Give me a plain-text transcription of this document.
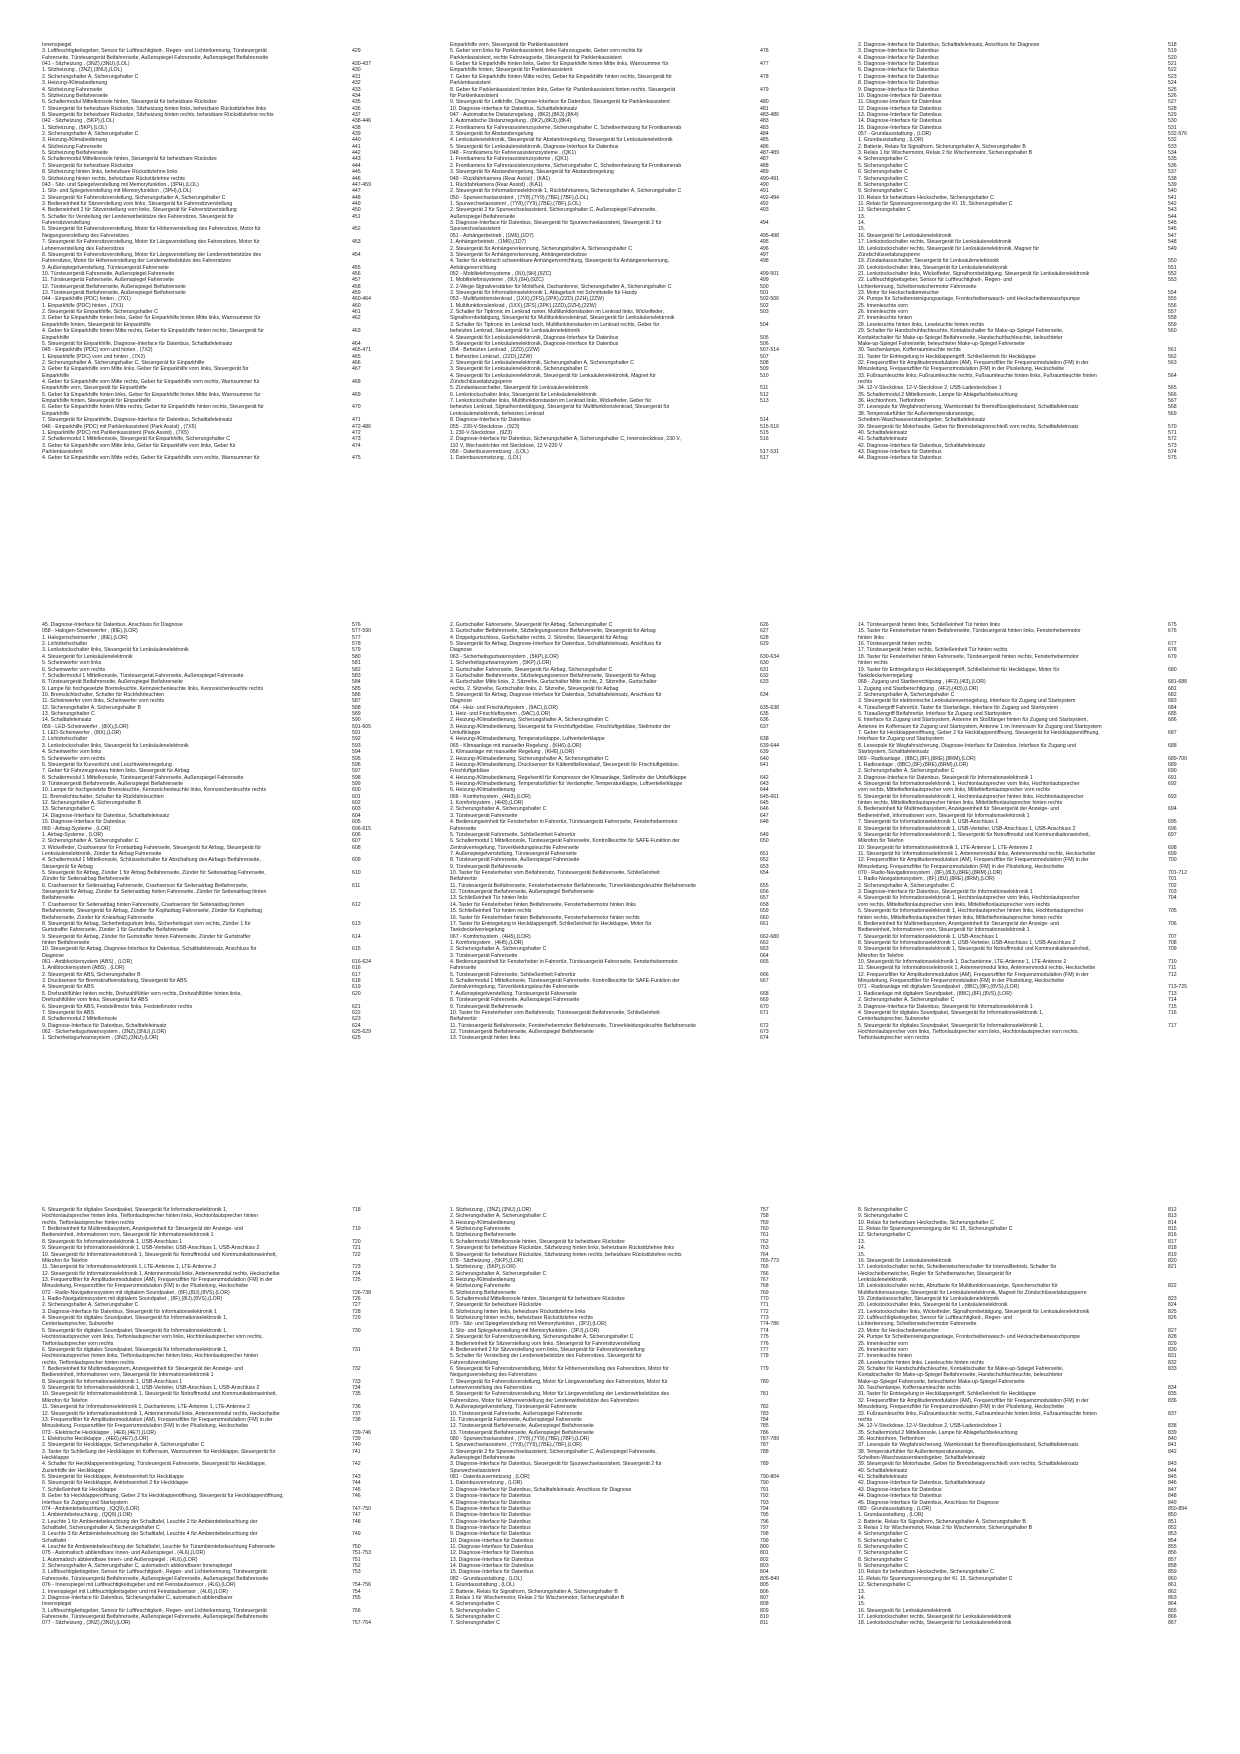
Innenspiegel
3. Luftfeuchtigkeitsgeber, Sensor für Luftfeuchtigkeit-, Regen- und Lichterkennung, Türsteuergerät
Fahrerseite, Türsteuergerät Beifahrerseite, Außenspiegel Fahrerseite, Außenspiegel Beifahrerseite
041 - Sitzheizung , (3NZ),(3NU),(LOL)
1. Sitzheizung , (3NZ),(3NU),(LOL)
2. Sicherungshalter A, Sicherungshalter C
3. Heizung-/Klimabedienung
4. Sitzheizung Fahrerseite
5. Sitzheizung Beifahrerseite
6. Schaltermodul Mittelkonsole hinten, Steuergerät für beheizbare Rücksitze
7. Steuergerät für beheizbare Rücksitze, Sitzheizung hinten links, beheizbare Rückstitzlehne links
8. Steuergerät für beheizbare Rücksitze, Sitzheizung hinten rechts, beheizbare Rückstitzlehne rechts
042 - Sitzheizung , (5KP),(LOL)
1. Sitzheizung , (5KP),(LOL)
2. Sicherungshalter A, Sicherungshalter C
3. Heizung-/Klimabedienung
4. Sitzheizung Fahrerseite
5. Sitzheizung Beifahrerseite
6. Schaltermodul Mittelkonsole hinten, Steuergerät für beheizbare Rücksitze
7. Steuergerät für beheizbare Rücksitze
8. Sitzheizung hinten links, beheizbare Rückstitzlehne links
9. Sitzheizung hinten rechts, beheizbare Rückstitzlehne rechts
043 - Sitz- und Spiegelverstellung mit Memoryfunktion , (3PH),(LOL)
1. Sitz- und Spiegelverstellung mit Memoryfunktion , (3PH),(LOL)
2. Steuergerät für Fahrersitzverstellung, Sicherungshalter A, Sicherungshalter C
3. Bedieneinheit für Sitzverstellung vorn links, Steuergerät für Fahrersitzverstellung
4. Bedieneinheit 2 für Sitzverstellung vorn links, Steuergerät für Fahrersitzverstellung
5. Schalter für Verstellung der Lendenwirbelstütze des Fahrersitzes, Steuergerät für
Fahrersitzverstellung
6. Steuergerät für Fahrersitzverstellung, Motor für Höhenverstellung des Fahrersitzes, Motor für
Neigungsverstellung des Fahrersitzes
7. Steuergerät für Fahrersitzverstellung, Motor für Längsverstellung des Fahrersitzes, Motor für
Lehnenverstellung des Fahrersitzes
8. Steuergerät für Fahrersitzverstellung, Motor für Längsverstellung der Lendenwirbelstütze des
Fahrersitzes, Motor für Höhenverstellung der Lendenwirbelstütze des Fahrersitzes
9. Außenspiegelverstellung, Türsteuergerät Fahrerseite
10. Türsteuergerät Fahrerseite, Außenspiegel Fahrerseite
11. Türsteuergerät Fahrerseite, Außenspiegel Fahrerseite
12. Türsteuergerät Beifahrerseite, Außenspiegel Beifahrerseite
13. Türsteuergerät Beifahrerseite, Außenspiegel Beifahrerseite
044 - Einparkhilfe (PDC) hinten , (7X1)
1. Einparkhilfe (PDC) hinten , (7X1)
2. Steuergerät für Einparkhilfe, Sicherungshalter C
3. Geber für Einparkhilfe hinten links, Geber für Einparkhilfe hinten Mitte links, Warnsummer für
Einparkhilfe hinten, Steuergerät für Einparkhilfe
4. Geber für Einparkhilfe hinten Mitte rechts, Geber für Einparkhilfe hinten rechts, Steuergerät für
Einparkhilfe
5. Steuergerät für Einparkhilfe, Diagnose-Interface für Datenbus, Schalttafeleinsatz
045 - Einparkhilfe (PDC) vorn und hinten , (7X2)
1. Einparkhilfe (PDC) vorn und hinten , (7X2)
2. Sicherungshalter A, Sicherungshalter C, Steuergerät für Einparkhilfe
3. Geber für Einparkhilfe vorn Mitte links, Geber für Einparkhilfe vorn links, Steuergerät für
Einparkhilfe
4. Geber für Einparkhilfe vorn Mitte rechts, Geber für Einparkhilfe vorn rechts, Warnsummer für
Einparkhilfe vorn, Steuergerät für Einparkhilfe
5. Geber für Einparkhilfe hinten links, Geber für Einparkhilfe hinten Mitte links, Warnsummer für
Einparkhilfe hinten, Steuergerät für Einparkhilfe
6. Geber für Einparkhilfe hinten Mitte rechts, Geber für Einparkhilfe hinten rechts, Steuergerät für
Einparkhilfe
7. Steuergerät für Einparkhilfe, Diagnose-Interface für Datenbus, Schalttafeleinsatz
046 - Einparkhilfe (PDC) mit Parklenkassistent (Park Assist) , (7X5)
1. Einparkhilfe (PDC) mit Parklenkassistent (Park Assist) , (7X5)
2. Schaltermodul 1 Mittelkonsole, Steuergerät für Einparkhilfe, Sicherungshalter C
3. Geber für Einparkhilfe vorn Mitte links, Geber für Einparkhilfe vorn links, Geber für
Parklenkassistent
4. Geber für Einparkhilfe vorn Mitte rechts, Geber für Einparkhilfe vorn rechts, Warnsummer für
429
430-437
430
431
432
433
434
435
436
437
438-446
438
439
440
441
442
443
444
445
446
447-459
447
448
449
450
451
452
453
454
455
456
457
458
459
460-464
460
461
462
463
464
465-471
465
466
467
468
469
470
471
472-486
472
473
474
475
Einparkhilfe vorn, Steuergerät für Parklenkassistent
5. Geber vorn links für Parklenkassistent, linke Fahrzeugseite, Geber vorn rechts für
Parklenkassistent, rechte Fahrzeugseite, Steuergerät für Parklenkassistent
6. Geber für Einparkhilfe hinten links, Geber für Einparkhilfe hinten Mitte links, Warnsummer für
Einparkhilfe hinten, Steuergerät für Parklenkassistent
7. Geber für Einparkhilfe hinten Mitte rechts, Geber für Einparkhilfe hinten rechts, Steuergerät für
Parklenkassistent
8. Geber für Parklenkassistent hinten links, Geber für Parklenkassistent hinten rechts, Steuergerät
für Parklenkassistent
9. Steuergerät für Leitkhilfe, Diagnose-Interface für Datenbus, Steuergerät für Parklenkassistent
10. Diagnose-Interface für Datenbus, Schalttafeleinsatz
047 - Automatische Distanzregelung , (8K2),(8K3),(8K4)
1. Automatische Distanzregelung , (8K2),(8K3),(8K4)
2. Frontkamera für Fahrerassistenzsysteme, Sicherungshalter C, Scheibenheizung für Frontkamerab
3. Steuergerät für Abstandsregelung
4. Lenksäulenelektronik, Steuergerät für Abstandsregelung, Steuergerät für Lenksäulenelektronik
5. Steuergerät für Lenksäulenelektronik, Diagnose-Interface für Datenbus
048 - Frontkamera für Fahrerassistenzsysteme , (QK1)
1. Frontkamera für Fahrerassistenzsysteme , (QK1)
2. Frontkamera für Fahrerassistenzsysteme, Sicherungshalter C, Scheibenheizung für Frontkamerab
3. Steuergerät für Abstandsregelung, Steuergerät für Abstandsregelung
049 - Rückfahrkamera (Rear Assist) , (KA1)
1. Rückfahrkamera (Rear Assist) , (KA1)
2. Steuergerät für Informationselektronik 1, Rückfahrkamera, Sicherungshalter A, Sicherungshalter C
050 - Spurwechselassistent , (7Y8),(7Y9),(7BE),(7BF),(LOL)
1. Spurwechselassistent , (7Y8),(7Y9),(7BE),(7BF),(LOL)
2. Steuergerät 2 für Spurwechselassistent, Sicherungshalter C, Außenspiegel Fahrerseite,
Außenspiegel Beifahrerseite
3. Diagnose-Interface für Datenbus, Steuergerät für Spurwechselassistent, Steuergerät 2 für
Spurwechselassistent
051 - Anhängerbetrieb , (1M6),(1D7)
1. Anhängerbetrieb , (1M6),(1D7)
2. Steuergerät für Anhängererkennung, Sicherungshalter A, Sicherungshalter C
3. Steuergerät für Anhängererkennung, Anhängersteckdose
4. Taster für elektrisch schwenkbare Anhängervorrichtung, Steuergerät für Anhängererkennung,
Anhängevorrichtung
052 - Mobiltelefonsysteme , (9U),(9H),(9ZC)
1. Mobiltelefonsysteme , (9U),(9H),(9ZC)
2. 2-Wege-Signalverstärker für Mobilfunk, Dachantenne, Sicherungshalter A, Sicherungshalter C
3. Steuergerät für Informationselektronik 1, Ablagefach mit Schnittstelle für Handy
053 - Multifunktionslenkrad , (1XX),(2FS),(2PK),(2ZD),(2ZH),(2ZW)
1. Multifunktionslenkrad , (1XX),(2FS),(2PK),(2ZD),(2ZH),(2ZW)
2. Schalter für Tiptronic im Lenkrad runter, Multifunktionstasten im Lenkrad links, Wickelfeder,
Signalhornbetätigung, Steuergerät für Multifunktionslenkrad, Steuergerät für Lenksäulenelektronik
3. Schalter für Tiptronic im Lenkrad hoch, Multifunktionstasten im Lenkrad rechts, Geber für
beheiztes Lenkrad, Steuergerät für Lenksäulenelektronik
4. Steuergerät für Lenksäulenelektronik, Diagnose-Interface für Datenbus
5. Steuergerät für Lenksäulenelektronik, Diagnose-Interface für Datenbus
054 - Beheiztes Lenkrad , (2ZD),(2ZW)
1. Beheiztes Lenkrad , (2ZD),(2ZW)
2. Steuergerät für Lenksäulenelektronik, Sicherungshalter A, Sicherungshalter C
3. Steuergerät für Lenksäulenelektronik, Sicherungshalter C
4. Steuergerät für Lenksäulenelektronik, Steuergerät für Lenksäulenelektronik, Magnet für
Zündschlüsselabzugsperre
5. Zündanlassschalter, Steuergerät für Lenksäulenelektronik
6. Lenkstockschalter links, Steuergerät für Lenksäulenelektronik
7. Lenkstockschalter links, Multifunktionstasten im Lenkrad links, Wickelfeder, Geber für
beheiztes Lenkrad, Signalhornbetätigung, Steuergerät für Multifunktionslenkrad, Steuergerät für
Lenksäulenelektronik, beheiztes Lenkrad
8. Diagnose-Interface für Datenbus
055 - 230-V-Steckdose , (9Z3)
1. 230-V-Steckdose , (9Z3)
2. Diagnose-Interface für Datenbus, Sicherungshalter A, Sicherungshalter C, Innensteckdose, 230 V,
110 V, Wechselrichter mit Steckdose, 12 V-230 V
056 - Datenbusvernetzung , (LOL)
1. Datenbusvernetzung , (LOL)
476
477
478
479
480
481
483-486
483
483
484
485
486
487-489
487
488
489
490-491
490
491
492-494
492
493
494
495-498
495
496
497
498
499-501
499
500
501
502-506
502
503
504
505
506
507-514
507
508
509
510
511
512
513
514
515-516
515
516
517-531
517
2. Diagnose-Interface für Datenbus, Schalttafeleinsatz, Anschluss für Diagnose
3. Diagnose-Interface für Datenbus
4. Diagnose-Interface für Datenbus
5. Diagnose-Interface für Datenbus
6. Diagnose-Interface für Datenbus
7. Diagnose-Interface für Datenbus
8. Diagnose-Interface für Datenbus
9. Diagnose-Interface für Datenbus
10. Diagnose-Interface für Datenbus
11. Diagnose-Interface für Datenbus
12. Diagnose-Interface für Datenbus
13. Diagnose-Interface für Datenbus
14. Diagnose-Interface für Datenbus
15. Diagnose-Interface für Datenbus
057 - Grundausstattung , (LOR)
1. Grundausstattung , (LOR)
2. Batterie, Relais für Signalhorn, Sicherungshalter A, Sicherungshalter B
3. Relais 1 für Wischermotor, Relais 2 für Wischermotor, Sicherungshalter B
4. Sicherungshalter C
5. Sicherungshalter C
6. Sicherungshalter C
7. Sicherungshalter C
8. Sicherungshalter C
9. Sicherungshalter C
10. Relais für beheizbare Heckscheibe, Sicherungshalter C
11. Relais für Spannungsversorgung der Kl. 15, Sicherungshalter C
12. Sicherungshalter C
13.
14.
15.
16. Steuergerät für Lenksäulenelektronik
17. Lenkstockschalter rechts, Steuergerät für Lenksäulenelektronik
18. Lenkstockschalter rechts, Steuergerät für Lenksäulenelektronik, Magnet für
Zündschlüsselabzugsperre
19. Zündanlassschalter, Steuergerät für Lenksäulenelektronik
20. Lenkstockschalter links, Steuergerät für Lenksäulenelektronik
21. Lenkstockschalter links, Wickelfeder, Signalhornbetätigung, Steuergerät für Lenksäulenelektronik
22. Luftfeuchtigkeitsgeber, Sensor für Luftfeuchtigkeit-, Regen- und
Lichterkennung, Scheibenwischermotor Fahrerseite
23. Motor für Heckscheibenwischer
24. Pumpe für Scheibenreinigungsanlage, Frontscheibenwasch- und Heckscheibenwaschpumpe
25. Innenleuchte vorn
26. Innenleuchte vorn
27. Innenleuchte hinten
28. Leseleuchte hinten links, Leseleuchte hinten rechts
29. Schalter für Handschuhfachleuchte, Kontaktschalter für Make-up-Spiegel Fahrerseite,
Kontaktschalter für Make-up-Spiegel Beifahrerseite, Handschuhfachleuchte, beleuchteter
Make-up-Spiegel Fahrerseite, beleuchteter Make-up-Spiegel Fahrerseite
30. Taschenlampe, Kofferraumleuchte rechts
31. Taster für Entriegelung in Heckklappengriff, Schließeinheit für Heckklappe
32. Frequenzfilter für Amplitudenmodulation (AM), Frequenzfilter für Frequenzmodulation (FM) in der
Minusleitung, Frequenzfilter für Frequenzmodulation (FM) in der Plusleitung, Heckscheibe
33. Fußraumleuchte links, Fußraumleuchte rechts, Fußraumleuchte hinten links, Fußraumleuchte hinten
rechts
34. 12-V-Steckdose, 12-V-Steckdose 2, USB-Ladesteckdose 1
35. Schaltermodul 2 Mittelkonsole, Lampe für Ablagefachbeleuchtung
36. Hochtonhorn, Tieftonhorn
37. Lesespule für Wegfahrsicherung, Warnkontakt für Bremsflüssigkeitsstand, Schalttafeleinsatz
38. Temperaturfühler für Außentemperaturanzeige,
Scheiben-Waschwasserstandsgeber, Schalttafeleinsatz
39. Steuergerät für Motorhaube, Geber für Bremsbelagverschleiß vorn rechts, Schalttafeleinsatz
40. Schalttafeleinsatz
41. Schalttafeleinsatz
42. Diagnose-Interface für Datenbus, Schalttafeleinsatz
43. Diagnose-Interface für Datenbus
44. Diagnose-Interface für Datenbus
518
519
520
521
522
523
524
525
526
527
528
529
530
531
532-576
532
533
534
535
536
537
538
539
540
541
542
543
544
545
546
547
548
549
550
551
552
553
554
555
556
557
558
559
560
561
562
563
564
565
566
567
568
569
570
571
572
573
574
575
45. Diagnose-Interface für Datenbus, Anschluss für Diagnose
058 - Halogen-Scheinwerfer , (8IE),(LOR)
1. Halogenscheinwerfer , (8IE),(LOR)
2. Lichtdrehschalter
3. Lenkstockschalter links, Steuergerät für Lenksäulenelektronik
4. Steuergerät für Lenksäulenelektronik
5. Scheinwerfer vorn links
6. Scheinwerfer vorn rechts
7. Schaltermodul 1 Mittelkonsole, Türsteuergerät Fahrerseite, Außenspiegel Fahrerseite
8. Türsteuergerät Beifahrerseite, Außenspiegel Beifahrerseite
9. Lampe für hochgesetzte Bremsleuchte, Kennzeichenleuchte links, Kennzeichenleuchte rechts
10. Bremslichtschalter, Schalter für Rückfahrleuchten
11. Scheinwerfer vorn links, Scheinwerfer vorn rechts
12. Sicherungshalter A, Sicherungshalter B
13. Sicherungshalter C
14. Schalttafeleinsatz
059 - LED-Scheinwerfer , (8IX),(LOR)
1. LED-Scheinwerfer , (8IX),(LOR)
2. Lichtdrehschalter
3. Lenkstockschalter links, Steuergerät für Lenksäulenelektronik
4. Scheinwerfer vorn links
5. Scheinwerfer vorn rechts
6. Steuergerät für Kurvenlicht und Leuchtweitenregelung
7. Geber für Fahrzeugniveau hinten links, Steuergerät für Airbag
8. Schaltermodul 1 Mittelkonsole, Türsteuergerät Fahrerseite, Außenspiegel Fahrerseite
9. Türsteuergerät Beifahrerseite, Außenspiegel Beifahrerseite
10. Lampe für hochgesetzte Bremsleuchte, Kennzeichenleuchte links, Kennzeichenleuchte rechts
11. Bremslichtschalter, Schalter für Rückfahrleuchten
12. Sicherungshalter A, Sicherungshalter B
13. Sicherungshalter C
14. Diagnose-Interface für Datenbus, Schalttafeleinsatz
15. Diagnose-Interface für Datenbus
060 - Airbag-Systeme , (LOR)
1. Airbag-Systeme , (LOR)
2. Sicherungshalter A, Sicherungshalter C
3. Wickelfeder, Crashsensor für Frontairbag Fahrerseite, Steuergerät für Airbag, Steuergerät für
Lenksäulenelektronik, Zünder für Airbag Fahrerseite
4. Schaltermodul 1 Mittelkonsole, Schlüsselschalter für Abschaltung des Airbags Beifahrerseite,
Steuergerät für Airbag
5. Steuergerät für Airbag, Zünder 1 für Airbag Beifahrerseite, Zünder für Seitenairbag Fahrerseite,
Zünder für Seitenairbag Beifahrerseite
6. Crashsensor für Seitenairbag Fahrerseite, Crashsensor für Seitenairbag Beifahrerseite,
Steuergerät für Airbag, Zünder für Seitenairbag hinten Fahrerseite, Zünder für Seitenairbag hinten
Beifahrerseite
7. Crashsensor für Seitenairbag hinten Fahrerseite, Crashsensor für Seitenairbag hinten
Beifahrerseite, Steuergerät für Airbag, Zünder für Kopfairbag Fahrerseite, Zünder für Kopfairbag
Beifahrerseite, Zünder für Kniearbag Fahrerseite
8. Steuergerät für Airbag, Sicherheitsgurtum links, Sicherheitsgurt vorn rechts, Zünder 1 für
Gurtstraffer Fahrerseite, Zünder 1 für Gurtstraffer Beifahrerseite
9. Steuergerät für Airbag, Zünder für Gurtstraffer hinten Fahrerseite, Zünder für Gurtstraffer
hinten Beifahrerseite
10. Steuergerät für Airbag, Diagnose-Interface für Datenbus, Schalttafeleinsatz, Anschluss für
Diagnose
061 - Antiblockiersystem (ABS) , (LOR)
1. Antiblockiersystem (ABS) , (LOR)
2. Steuergerät für ABS, Sicherungshalter B
3. Drucksensor für Bremskraftverstärkung, Steuergerät für ABS
4. Steuergerät für ABS
5. Drehzahlfühler hinten rechts, Drehzahlfühler vorn rechts, Drehzahlfühler hinten links,
Drehzahlfühler vorn links, Steuergerät für ABS
6. Steuergerät für ABS, Feststellmotor links, Feststellmotor rechts
7. Steuergerät für ABS
8. Schaltermodul 2 Mittelkonsole
9. Diagnose-Interface für Datenbus, Schalttafeleinsatz
062 - Sicherheitsgurtwarnsystem , (3NZ),(3NU),(LOR)
1. Sicherheitsgurtwarnsystem , (3NZ),(3NU),(LOR)
576
577-590
577
578
579
580
581
582
583
584
585
586
587
588
589
590
591-605
591
592
593
594
595
596
597
598
599
600
601
602
603
604
605
606-615
606
607
608
609
610
611
612
613
614
615
616-624
616
617
618
619
620
621
622
623
624
625-629
625
2. Gurtschalter Fahrerseite, Steuergerät für Airbag, Sicherungshalter C
3. Gurtschalter Beifahrerseite, Sitzbelegungssensor Beifahrerseite, Steuergerät für Airbag
4. Doppelgurtschloss, Gurtschalter rechts, 2. Sitzreihe, Steuergerät für Airbag
5. Steuergerät für Airbag, Diagnose-Interface für Datenbus, Schalttafeleinsatz, Anschluss für
Diagnose
063 - Sicherheitsgurtwarnsystem , (5KP),(LOR)
1. Sicherheitsgurtwarnsystem , (5KP),(LOR)
2. Gurtschalter Fahrerseite, Steuergerät für Airbag, Sicherungshalter C
3. Gurtschalter Beifahrerseite, Sitzbelegungssensor Beifahrerseite, Steuergerät für Airbag
4. Gurtschalter Mitte links, 2. Sitzreihe, Gurtschalter Mitte rechts, 2. Sitzreihe, Gurtschalter
rechts, 2. Sitzreihe, Gurtschalter links, 2. Sitzreihe, Steuergerät für Airbag
5. Steuergerät für Airbag, Diagnose-Interface für Datenbus, Schalttafeleinsatz, Anschluss für
Diagnose
064 - Heiz- und Frischluftsystem , (9AC),(LOR)
1. Heiz- und Frischluftsystem , (9AC),(LOR)
2. Heizung-/Klimabedienung, Sicherungshalter A, Sicherungshalter C
3. Heizung-/Klimabedienung, Steuergerät für Frischluftgebläse, Frischluftgebläse, Stellmotor der
Umluftklappe
4. Heizung-/Klimabedienung, Temperaturklappe, Luftverteilerklappe
065 - Klimaanlage mit manueller Regelung , (KH6),(LOR)
1. Klimaanlage mit manueller Regelung , (KH6),(LOR)
2. Heizung-/Klimabedienung, Sicherungshalter A, Sicherungshalter C
3. Heizung-/Klimabedienung, Drucksensor für Kältemittelkreislauf, Steuergerät für Frischluftgebläse,
Frischluftgebläse
4. Heizung-/Klimabedienung, Regelventil für Kompressor der Klimaanlage, Stellmotor der Umluftklappe
5. Heizung-/Klimabedienung, Temperaturfühler für Verdampfer, Temperaturklappe, Luftverteilerklappe
6. Heizung-/Klimabedienung
066 - Komfortsystem , (4H3),(LOR)
1. Komfortsystem , (4H3),(LOR)
2. Sicherungshalter A, Sicherungshalter C
3. Türsteuergerät Fahrerseite
4. Bedienungseinheit für Fensterheber in Fahrertür, Türsteuergerät Fahrerseite, Fensterhebermotor
Fahrerseite
5. Türsteuergerät Fahrerseite, Schließeinheit Fahrertür
6. Schaltermodul 1 Mittelkonsole, Türsteuergerät Fahrerseite, Kontrollleuchte für SAFE-Funktion der
Zentralverriegelung, Türverkleidungsleuchte Fahrerseite
7. Außenspiegelverstellung, Türsteuergerät Fahrerseite
8. Türsteuergerät Fahrerseite, Außenspiegel Fahrerseite
9. Türsteuergerät Beifahrerseite
10. Taster für Fensterheber vom Beifahrersitz, Türsteuergerät Beifahrerseite, Schließeinheit
Beifahrertür
11. Türsteuergerät Beifahrerseite, Fensterhebermotor Beifahrerseite, Türverkleidungsleuchte Beifahrerseite
12. Türsteuergerät Beifahrerseite, Außenspiegel Beifahrerseite
13. Schließeinheit Tür hinten links
14. Taster für Fensterheber hinten Beifahrerseite, Fensterhebermotor hinten links
15. Schließeinheit Tür hinten rechts
16. Taster für Fensterheber hinten Beifahrerseite, Fensterhebermotor hinten rechts
17. Taster für Entriegelung in Heckklappengriff, Schließeinheit für Heckklappe, Motor für
Tankdeckelverriegelung
067 - Komfortsystem , (4H5),(LOR)
1. Komfortsystem , (4H5),(LOR)
2. Sicherungshalter A, Sicherungshalter C
3. Türsteuergerät Fahrerseite
4. Bedienungseinheit für Fensterheber in Fahrertür, Türsteuergerät Fahrerseite, Fensterhebermotor
Fahrerseite
5. Türsteuergerät Fahrerseite, Schließeinheit Fahrertür
6. Schaltermodul 1 Mittelkonsole, Türsteuergerät Fahrerseite, Kontrollleuchte für SAFE-Funktion der
Zentralverriegelung, Türverkleidungsleuchte Fahrerseite
7. Außenspiegelverstellung, Türsteuergerät Fahrerseite
8. Türsteuergerät Fahrerseite, Außenspiegel Fahrerseite
9. Türsteuergerät Beifahrerseite
10. Taster für Fensterheber vom Beifahrersitz, Türsteuergerät Beifahrerseite, Schließeinheit
Beifahrertür
11. Türsteuergerät Beifahrerseite, Fensterhebermotor Beifahrerseite, Türverkleidungsleuchte Beifahrerseite
12. Türsteuergerät Beifahrerseite, Außenspiegel Beifahrerseite
13. Türsteuergerät hinten links
626
627
628
629
630-634
630
631
632
633
634
635-638
635
636
637
638
639-644
639
640
641
642
643
644
645-661
645
646
647
648
649
650
651
652
653
654
655
656
657
658
659
660
661
662-680
662
663
664
665
666
667
668
669
670
671
672
673
674
14. Türsteuergerät hinten links, Schließeinheit Tür hinten links
15. Taster für Fensterheber hinten Beifahrerseite, Türsteuergerät hinten links, Fensterhebermotor
hinten links
16. Türsteuergerät hinten rechts
17. Türsteuergerät hinten rechts, Schließeinheit Tür hinten rechts
18. Taster für Fensterheber hinten Fahrerseite, Türsteuergerät hinten rechts, Fensterhebermotor
hinten rechts
19. Taster für Entriegelung in Heckklappengriff, Schließeinheit für Heckklappe, Motor für
Tankdeckelverriegelung
068 - Zugang und Startberechtigung , (4F2),(4I3),(LOR)
1. Zugang und Startberechtigung , (4F2),(4I3),(LOR)
2. Sicherungshalter A, Sicherungshalter C
3. Steuergerät für elektronische Lenksäulenverriegelung, Interface für Zugang und Startsystem
4. Türaußengriff Fahrertür, Taster für Startanlage, Interface für Zugang und Startsystem
5. Türaußengriff Beifahrertür, Interface für Zugang und Startsystem
6. Interface für Zugang und Startsystem, Antenne im Stoßfänger hinten für Zugang und Startsystem,
Antenne im Kofferraum für Zugang und Startsystem, Antenne 1 im Innenraum für Zugang und Startsystem
7. Geber für Heckklappenöffnung, Geber 2 für Heckklappenöffnung, Steuergerät für Heckklappenöffnung,
Interface für Zugang und Startsystem
8. Lesespule für Wegfahrsicherung, Diagnose-Interface für Datenbus, Interface für Zugang und
Startsystem, Schalttafeleinsatz
069 - Radioanlage , (8BC),(8F),(8RE),(8RM),(LOR)
1. Radioanlage , (8BC),(8F),(8RE),(8RM),(LOR)
2. Sicherungshalter A, Sicherungshalter C
3. Diagnose-Interface für Datenbus, Steuergerät für Informationselektronik 1
4. Steuergerät für Informationselektronik 1, Hochtonlautsprecher vorn links, Hochtonlautsprecher
vorn rechts, Mitteltieftonlautsprecher vorn links, Mitteltieftonlautsprecher vorn rechts
5. Steuergerät für Informationselektronik 1, Hochtonlautsprecher hinten links, Hochtonlautsprecher
hinten rechts, Mitteltieftonlautsprecher hinten links, Mitteltieftonlautsprecher hinten rechts
6. Bedieneinheit für Multimediasystem, Anzeigeeinheit für Steuergerät der Anzeige- und
Bedieneinheit, Informationen vorn, Steuergerät für Informationselektronik 1
7. Steuergerät für Informationselektronik 1, USB-Anschluss 1
8. Steuergerät für Informationselektronik 1, USB-Verteiler, USB-Anschluss 1, USB-Anschluss 2
9. Steuergerät für Informationselektronik 1, Steuergerät für Notruffmodul und Kommunikationseinheit,
Mikrofon für Telefon
10. Steuergerät für Informationselektronik 1, LTE-Antenne 1, LTE-Antenne 2
11. Steuergerät für Informationselektronik 1, Antennenmodul links, Antennenmodul rechts, Heckscheibe
12. Frequenzfilter für Amplitudenmodulation (AM), Frequenzfilter für Frequenzmodulation (FM) in der
Minusleitung, Frequenzfilter für Frequenzmodulation (FM) in der Plusleitung, Heckscheibe
070 - Radio-Navigationssystem , (8F),(8IJ),(8RE),(8RM),(LOR)
1. Radio-Navigationssystem , (8F),(8IJ),(8RE),(8RM),(LOR)
2. Sicherungshalter A, Sicherungshalter C
3. Diagnose-Interface für Datenbus, Steuergerät für Informationselektronik 1
4. Steuergerät für Informationselektronik 1, Hochtonlautsprecher vorn links, Hochtonlautsprecher
vorn rechts, Mitteltieftonlautsprecher vorn links, Mitteltieftonlautsprecher vorn rechts
5. Steuergerät für Informationselektronik 1, Hochtonlautsprecher hinten links, Hochtonlautsprecher
hinten rechts, Mitteltieftonlautsprecher hinten links, Mitteltieftonlautsprecher hinten rechts
6. Bedieneinheit für Multimediasystem, Anzeigeeinheit für Steuergerät der Anzeige- und
Bedieneinheit, Informationen vorn, Steuergerät für Informationselektronik 1
7. Steuergerät für Informationselektronik 1, USB-Anschluss 1
8. Steuergerät für Informationselektronik 1, USB-Verteiler, USB-Anschluss 1, USB-Anschluss 2
9. Steuergerät für Informationselektronik 1, Steuergerät für Notruffmodul und Kommunikationseinheit,
Mikrofon für Telefon
10. Steuergerät für Informationselektronik 1, Dachantenne, LTE-Antenne 1, LTE-Antenne 2
11. Steuergerät für Informationselektronik 1, Antennenmodul links, Antennenmodul rechts, Heckscheibe
12. Frequenzfilter für Amplitudenmodulation (AM), Frequenzfilter für Frequenzmodulation (FM) in der
Minusleitung, Frequenzfilter für Frequenzmodulation (FM) in der Plusleitung, Heckscheibe
071 - Radioanlage mit digitalem Soundpaket , (8BC),(8F),(8VS),(LOR)
1. Radioanlage mit digitalem Soundpaket , (8BC),(8F),(8VS),(LOR)
2. Sicherungshalter A, Sicherungshalter C
3. Diagnose-Interface für Datenbus, Steuergerät für Informationselektronik 1
4. Steuergerät für digitales Soundpaket, Steuergerät für Informationselektronik 1,
Centerlautsprecher, Subwoofer
5. Steuergerät für digitales Soundpaket, Steuergerät für Informationselektronik 1,
Hochtonlautsprecher vorn links, Tieftonlautsprecher vorn links, Hochtonlautsprecher vorn rechts,
Tieftonlautsprecher vorn rechts
675
676
677
678
679
680
681-688
681
682
683
684
685
686
687
688
689-700
689
690
691
692
693
694
695
696
697
698
699
700
701-712
701
702
703
704
705
706
707
708
709
710
711
712
713-725
713
714
715
716
717
6. Steuergerät für digitales Soundpaket, Steuergerät für Informationselektronik 1,
Hochtonlautsprecher hinten links, Tieftonlautsprecher hinten links, Hochtonlautsprecher hinten
rechts, Tieftonlautsprecher hinten rechts
7. Bedieneinheit für Multimediasystem, Anzeigeeinheit für Steuergerät der Anzeige- und
Bedieneinheit, Informationen vorn, Steuergerät für Informationselektronik 1
8. Steuergerät für Informationselektronik 1, USB-Anschluss 1
9. Steuergerät für Informationselektronik 1, USB-Verteiler, USB-Anschluss 1, USB-Anschluss 2
10. Steuergerät für Informationselektronik 1, Steuergerät für Notruffmodul und Kommunikationseinheit,
Mikrofon für Telefon
11. Steuergerät für Informationselektronik 1, LTE-Antenne 1, LTE-Antenne 2
12. Steuergerät für Informationselektronik 1, Antennenmodul links, Antennenmodul rechts, Heckscheibe
13. Frequenzfilter für Amplitudenmodulation (AM), Frequenzfilter für Frequenzmodulation (FM) in der
Minusleitung, Frequenzfilter für Frequenzmodulation (FM) in der Plusleitung, Heckscheibe
072 - Radio-Navigationssystem mit digitalem Soundpaket , (8F),(8IJ),(8VS),(LOR)
1. Radio-Navigationssystem mit digitalem Soundpaket , (8F),(8IJ),(8VS),(LOR)
2. Sicherungshalter A, Sicherungshalter C
3. Diagnose-Interface für Datenbus, Steuergerät für Informationselektronik 1
4. Steuergerät für digitales Soundpaket, Steuergerät für Informationselektronik 1,
Centerlautsprecher, Subwoofer
5. Steuergerät für digitales Soundpaket, Steuergerät für Informationselektronik 1,
Hochtonlautsprecher vorn links, Tieftonlautsprecher vorn links, Hochtonlautsprecher vorn rechts,
Tieftonlautsprecher vorn rechts
6. Steuergerät für digitales Soundpaket, Steuergerät für Informationselektronik 1,
Hochtonlautsprecher hinten links, Tieftonlautsprecher hinten links, Hochtonlautsprecher hinten
rechts, Tieftonlautsprecher hinten rechts
7. Bedieneinheit für Multimediasystem, Anzeigeeinheit für Steuergerät der Anzeige- und
Bedieneinheit, Informationen vorn, Steuergerät für Informationselektronik 1
8. Steuergerät für Informationselektronik 1, USB-Anschluss 1
9. Steuergerät für Informationselektronik 1, USB-Verteiler, USB-Anschluss 1, USB-Anschluss 2
10. Steuergerät für Informationselektronik 1, Steuergerät für Notruffmodul und Kommunikationseinheit,
Mikrofon für Telefon
11. Steuergerät für Informationselektronik 1, Dachantenne, LTE-Antenne 1, LTE-Antenne 2
12. Steuergerät für Informationselektronik 1, Antennenmodul links, Antennenmodul rechts, Heckscheibe
13. Frequenzfilter für Amplitudenmodulation (AM), Frequenzfilter für Frequenzmodulation (FM) in der
Minusleitung, Frequenzfilter für Frequenzmodulation (FM) in der Plusleitung, Heckscheibe
073 - Elektrische Heckklappe , (4E6),(4E7),(LOR)
1. Elektrische Heckklappe , (4E6),(4E7),(LOR)
2. Steuergerät für Heckklappe, Sicherungshalter A, Sicherungshalter C
3. Taster für Schließung der Heckklappe im Kofferraum, Warnsummer für Heckklappe, Steuergerät für
Heckklappe
4. Schalter für Heckklappenentriegelung, Türsteuergerät Fahrerseite, Steuergerät für Heckklappe,
Zuziehhilfe der Heckklappe
5. Steuergerät für Heckklappe, Antriebseinheit für Heckklappe
6. Steuergerät für Heckklappe, Antriebseinheit 2 für Heckklappe
7. Schließeinheit für Heckklappe
8. Geber für Heckklappenöffnung, Geber 2 für Heckklappenöffnung, Steuergerät für Heckklappenöffnung,
Interface für Zugang und Startsystem
074 - Ambientebeleuchtung , (QQ9),(LOR)
1. Ambientebeleuchtung , (QQ9),(LOR)
2. Leuchte 1 für Ambientebeleuchtung der Schalttafel, Leuchte 2 für Ambientebeleuchtung der
Schalttafel, Sicherungshalter A, Sicherungshalter C
3. Leuchte 3 für Ambientebeleuchtung der Schalttafel, Leuchte 4 für Ambientebeleuchtung der
Schalttafel
4. Leuchte für Ambientebeleuchtung der Schalttafel, Leuchte für Türambientebeleuchtung Fahrerseite
075 - Automatisch abblendbare Innen- und Außenspiegel , (4L6),(LOR)
1. Automatisch abblendbare Innen- und Außenspiegel , (4L6),(LOR)
2. Sicherungshalter A, Sicherungshalter C, automatisch abblendbarer Innenspiegel
3. Luftfeuchtigkeitsgeber, Sensor für Luftfeuchtigkeit-, Regen- und Lichterkennung, Türsteuergerät
Fahrerseite, Türsteuergerät Beifahrerseite, Außenspiegel Fahrerseite, Außenspiegel Beifahrerseite
076 - Innenspiegel mit Luftfeuchtigkeitsgeber und mit Feinstaubsensor , (4L6),(LOR)
1. Innenspiegel mit Luftfeuchtigkeitsgeber und mit Feinstaubsensor , (4L6),(LOR)
2. Diagnose-Interface für Datenbus, Sicherungshalter C, automatisch abblendbarer
Innenspiegel
3. Luftfeuchtigkeitsgeber, Sensor für Luftfeuchtigkeit-, Regen- und Lichterkennung, Türsteuergerät
Fahrerseite, Türsteuergerät Beifahrerseite, Außenspiegel Fahrerseite, Außenspiegel Beifahrerseite
077 - Sitzheizung , (3NZ),(3NU),(LOR)
718
719
720
721
722
723
724
725
726-738
726
727
728
729
730
731
732
733
734
735
736
737
738
739-746
739
740
741
742
743
744
745
746
747-750
747
748
749
750
751-753
751
752
753
754-756
754
755
756
757-764
1. Sitzheizung , (3NZ),(3NU),(LOR)
2. Sicherungshalter A, Sicherungshalter C
3. Heizung-/Klimabedienung
4. Sitzheizung Fahrerseite
5. Sitzheizung Beifahrerseite
6. Schaltermodul Mittelkonsole hinten, Steuergerät für beheizbare Rücksitze
7. Steuergerät für beheizbare Rücksitze, Sitzheizung hinten links, beheizbare Rückstitzlehne links
8. Steuergerät für beheizbare Rücksitze, Sitzheizung hinten rechts, beheizbare Rückstitzlehne rechts
078 - Sitzheizung , (5KP),(LOR)
1. Sitzheizung , (5KP),(LOR)
2. Sicherungshalter A, Sicherungshalter C
3. Heizung-/Klimabedienung
4. Sitzheizung Fahrerseite
5. Sitzheizung Beifahrerseite
6. Schaltermodul Mittelkonsole hinten, Steuergerät für beheizbare Rücksitze
7. Steuergerät für beheizbare Rücksitze
8. Sitzheizung hinten links, beheizbare Rückstitzlehne links
9. Sitzheizung hinten rechts, beheizbare Rückstitzlehne rechts
079 - Sitz- und Spiegelverstellung mit Memoryfunktion , (3PJ),(LOR)
1. Sitz- und Spiegelverstellung mit Memoryfunktion , (3PJ),(LOR)
2. Steuergerät für Fahrersitzverstellung, Sicherungshalter A, Sicherungshalter C
3. Bedieneinheit für Sitzverstellung vorn links, Steuergerät für Fahrersitzverstellung
4. Bedieneinheit 2 für Sitzverstellung vorn links, Steuergerät für Fahrersitzverstellung
5. Schalter für Verstellung der Lendenwirbelstütze des Fahrersitzes, Steuergerät für
Fahrersitzverstellung
6. Steuergerät für Fahrersitzverstellung, Motor für Höhenverstellung des Fahrersitzes, Motor für
Neigungsverstellung des Fahrersitzes
7. Steuergerät für Fahrersitzverstellung, Motor für Längsverstellung des Fahrersitzes, Motor für
Lehnenverstellung des Fahrersitzes
8. Steuergerät für Fahrersitzverstellung, Motor für Längsverstellung der Lendenwirbelstütze des
Fahrersitzes, Motor für Höhenverstellung der Lendenwirbelstütze des Fahrersitzes
9. Außenspiegelverstellung, Türsteuergerät Fahrerseite
10. Türsteuergerät Fahrerseite, Außenspiegel Fahrerseite
11. Türsteuergerät Fahrerseite, Außenspiegel Fahrerseite
12. Türsteuergerät Beifahrerseite, Außenspiegel Beifahrerseite
13. Türsteuergerät Beifahrerseite, Außenspiegel Beifahrerseite
080 - Spurwechselassistent , (7Y8),(7Y9),(7BE),(7BF),(LOR)
1. Spurwechselassistent , (7Y8),(7Y9),(7BE),(7BF),(LOR)
2. Steuergerät 2 für Spurwechselassistent, Sicherungshalter C, Außenspiegel Fahrerseite,
Außenspiegel Beifahrerseite
3. Diagnose-Interface für Datenbus, Steuergerät für Spurwechselassistent, Steuergerät 2 für
Spurwechselassistent
081 - Datenbusvernetzung , (LOR)
1. Datenbusvernetzung , (LOR)
2. Diagnose-Interface für Datenbus, Schalttafeleinsatz, Anschluss für Diagnose
3. Diagnose-Interface für Datenbus
4. Diagnose-Interface für Datenbus
5. Diagnose-Interface für Datenbus
6. Diagnose-Interface für Datenbus
7. Diagnose-Interface für Datenbus
8. Diagnose-Interface für Datenbus
9. Diagnose-Interface für Datenbus
10. Diagnose-Interface für Datenbus
11. Diagnose-Interface für Datenbus
12. Diagnose-Interface für Datenbus
13. Diagnose-Interface für Datenbus
14. Diagnose-Interface für Datenbus
15. Diagnose-Interface für Datenbus
082 - Grundausstattung , (LOL)
1. Grundausstattung , (LOL)
2. Batterie, Relais für Signalhorn, Sicherungshalter A, Sicherungshalter B
3. Relais 1 für Wischermotor, Relais 2 für Wischermotor, Sicherungshalter B
4. Sicherungshalter C
5. Sicherungshalter C
6. Sicherungshalter C
7. Sicherungshalter C
757
758
759
760
761
762
763
764
765-773
765
766
767
768
769
770
771
772
773
774-786
774
775
776
777
778
779
780
781
782
783
784
785
786
787-789
787
788
789
790-804
790
791
792
793
794
795
796
797
798
799
800
801
802
803
804
805-849
805
806
807
808
809
810
811
8. Sicherungshalter C
9. Sicherungshalter C
10. Relais für beheizbare Heckscheibe, Sicherungshalter C
11. Relais für Spannungsversorgung der Kl. 15, Sicherungshalter C
12. Sicherungshalter C
13.
14.
15.
16. Steuergerät für Lenksäulenelektronik
17. Lenkstockschalter rechts, Scheibenwischerschalter für Intervallbetrieb, Schalter für
Heckscheibenwischer, Regler für Scheibenwischer, Steuergerät für
Lenksäulenelektronik
18. Lenkstockschalter rechts, Abruftaste für Multifunktionsanzeige, Speicherschalter für
Multifunktionsanzeige, Steuergerät für Lenksäulenelektronik, Magnet für Zündschlüsselabzugsperre
19. Zündanlassschalter, Steuergerät für Lenksäulenelektronik
20. Lenkstockschalter links, Steuergerät für Lenksäulenelektronik
21. Lenkstockschalter links, Wickelfeder, Signalhornbetätigung, Steuergerät für Lenksäulenelektronik
22. Luftfeuchtigkeitsgeber, Sensor für Luftfeuchtigkeit-, Regen- und
Lichterkennung, Scheibenwischermotor Fahrerseite
23. Motor für Heckscheibenwischer
24. Pumpe für Scheibenreinigungsanlage, Frontscheibenwasch- und Heckscheibenwaschpumpe
25. Innenleuchte vorn
26. Innenleuchte vorn
27. Innenleuchte hinten
28. Leseleuchte hinten links, Leseleuchte hinten rechts
29. Schalter für Handschuhfachleuchte, Kontaktschalter für Make-up-Spiegel Fahrerseite,
Kontaktschalter für Make-up-Spiegel Beifahrerseite, Handschuhfachleuchte, beleuchteter
Make-up-Spiegel Fahrerseite, beleuchteter Make-up-Spiegel Fahrerseite
30. Taschenlampe, Kofferraumleuchte rechts
31. Taster für Entriegelung in Heckklappengriff, Schließeinheit für Heckklappe
32. Frequenzfilter für Amplitudenmodulation (AM), Frequenzfilter für Frequenzmodulation (FM) in der
Minusleitung, Frequenzfilter für Frequenzmodulation (FM) in der Plusleitung, Heckscheibe
33. Fußraumleuchte links, Fußraumleuchte rechts, Fußraumleuchte hinten links, Fußraumleuchte hinten
rechts
34. 12-V-Steckdose, 12-V-Steckdose 2, USB-Ladesteckdose 1
35. Schaltermodul 2 Mittelkonsole, Lampe für Ablagefachbeleuchtung
36. Hochtonhorn, Tieftonhorn
37. Lesespule für Wegfahrsicherung, Warnkontakt für Bremsflüssigkeitsstand, Schalttafeleinsatz
38. Temperaturfühler für Außentemperaturanzeige,
Scheiben-Waschwasserstandsgeber, Schalttafeleinsatz
39. Steuergerät für Motorhaube, Geber für Bremsbelagverschleiß vorn rechts, Schalttafeleinsatz
40. Schalttafeleinsatz
41. Schalttafeleinsatz
42. Diagnose-Interface für Datenbus, Schalttafeleinsatz
43. Diagnose-Interface für Datenbus
44. Diagnose-Interface für Datenbus
45. Diagnose-Interface für Datenbus, Anschluss für Diagnose
083 - Grundausstattung , (LOR)
1. Grundausstattung , (LOR)
2. Batterie, Relais für Signalhorn, Sicherungshalter A, Sicherungshalter B
3. Relais 1 für Wischermotor, Relais 2 für Wischermotor, Sicherungshalter B
4. Sicherungshalter C
5. Sicherungshalter C
6. Sicherungshalter C
7. Sicherungshalter C
8. Sicherungshalter C
9. Sicherungshalter C
10. Relais für beheizbare Heckscheibe, Sicherungshalter C
11. Relais für Spannungsversorgung der Kl. 15, Sicherungshalter C
12. Sicherungshalter C
13.
14.
15.
16. Steuergerät für Lenksäulenelektronik
17. Lenkstockschalter rechts, Steuergerät für Lenksäulenelektronik
18. Lenkstockschalter rechts, Steuergerät für Lenksäulenelektronik
812
813
814
815
816
817
818
819
820
821
822
823
824
825
826
827
828
829
830
831
832
833
834
835
836
837
838
839
840
841
842
843
844
845
846
847
848
849
850-894
850
851
852
853
854
855
856
857
858
859
860
861
862
863
864
865
866
867
